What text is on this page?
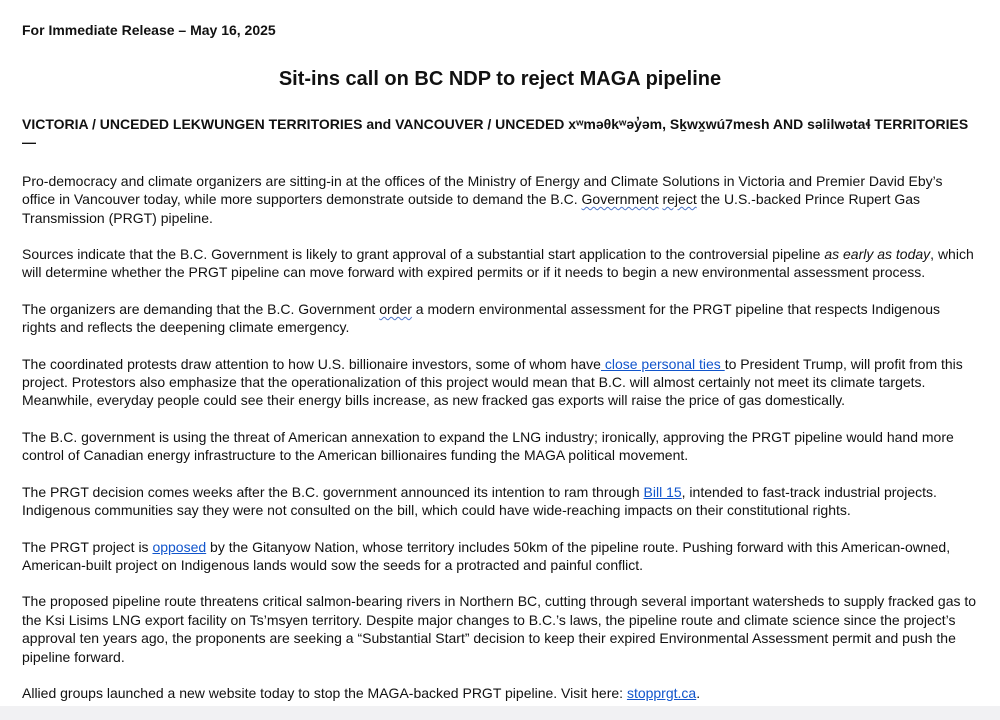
For Immediate Release – May 16, 2025
Sit-ins call on BC NDP to reject MAGA pipeline
VICTORIA / UNCEDED LEKWUNGEN TERRITORIES and VANCOUVER / UNCEDED xʷməθkʷəy̓əm, Sḵwx̱wú7mesh AND səlilwətaɬ TERRITORIES —

Pro-democracy and climate organizers are sitting-in at the offices of the Ministry of Energy and Climate Solutions in Victoria and Premier David Eby’s office in Vancouver today, while more supporters demonstrate outside to demand the B.C. Government reject the U.S.-backed Prince Rupert Gas Transmission (PRGT) pipeline.

Sources indicate that the B.C. Government is likely to grant approval of a substantial start application to the controversial pipeline as early as today, which will determine whether the PRGT pipeline can move forward with expired permits or if it needs to begin a new environmental assessment process.

The organizers are demanding that the B.C. Government order a modern environmental assessment for the PRGT pipeline that respects Indigenous rights and reflects the deepening climate emergency.

The coordinated protests draw attention to how U.S. billionaire investors, some of whom have close personal ties to President Trump, will profit from this project. Protestors also emphasize that the operationalization of this project would mean that B.C. will almost certainly not meet its climate targets. Meanwhile, everyday people could see their energy bills increase, as new fracked gas exports will raise the price of gas domestically.

The B.C. government is using the threat of American annexation to expand the LNG industry; ironically, approving the PRGT pipeline would hand more control of Canadian energy infrastructure to the American billionaires funding the MAGA political movement.

The PRGT decision comes weeks after the B.C. government announced its intention to ram through Bill 15, intended to fast-track industrial projects. Indigenous communities say they were not consulted on the bill, which could have wide-reaching impacts on their constitutional rights.

The PRGT project is opposed by the Gitanyow Nation, whose territory includes 50km of the pipeline route. Pushing forward with this American-owned, American-built project on Indigenous lands would sow the seeds for a protracted and painful conflict.

The proposed pipeline route threatens critical salmon-bearing rivers in Northern BC, cutting through several important watersheds to supply fracked gas to the Ksi Lisims LNG export facility on Ts’msyen territory. Despite major changes to B.C.’s laws, the pipeline route and climate science since the project’s approval ten years ago, the proponents are seeking a “Substantial Start” decision to keep their expired Environmental Assessment permit and push the pipeline forward.

Allied groups launched a new website today to stop the MAGA-backed PRGT pipeline. Visit here: stopprgt.ca.
